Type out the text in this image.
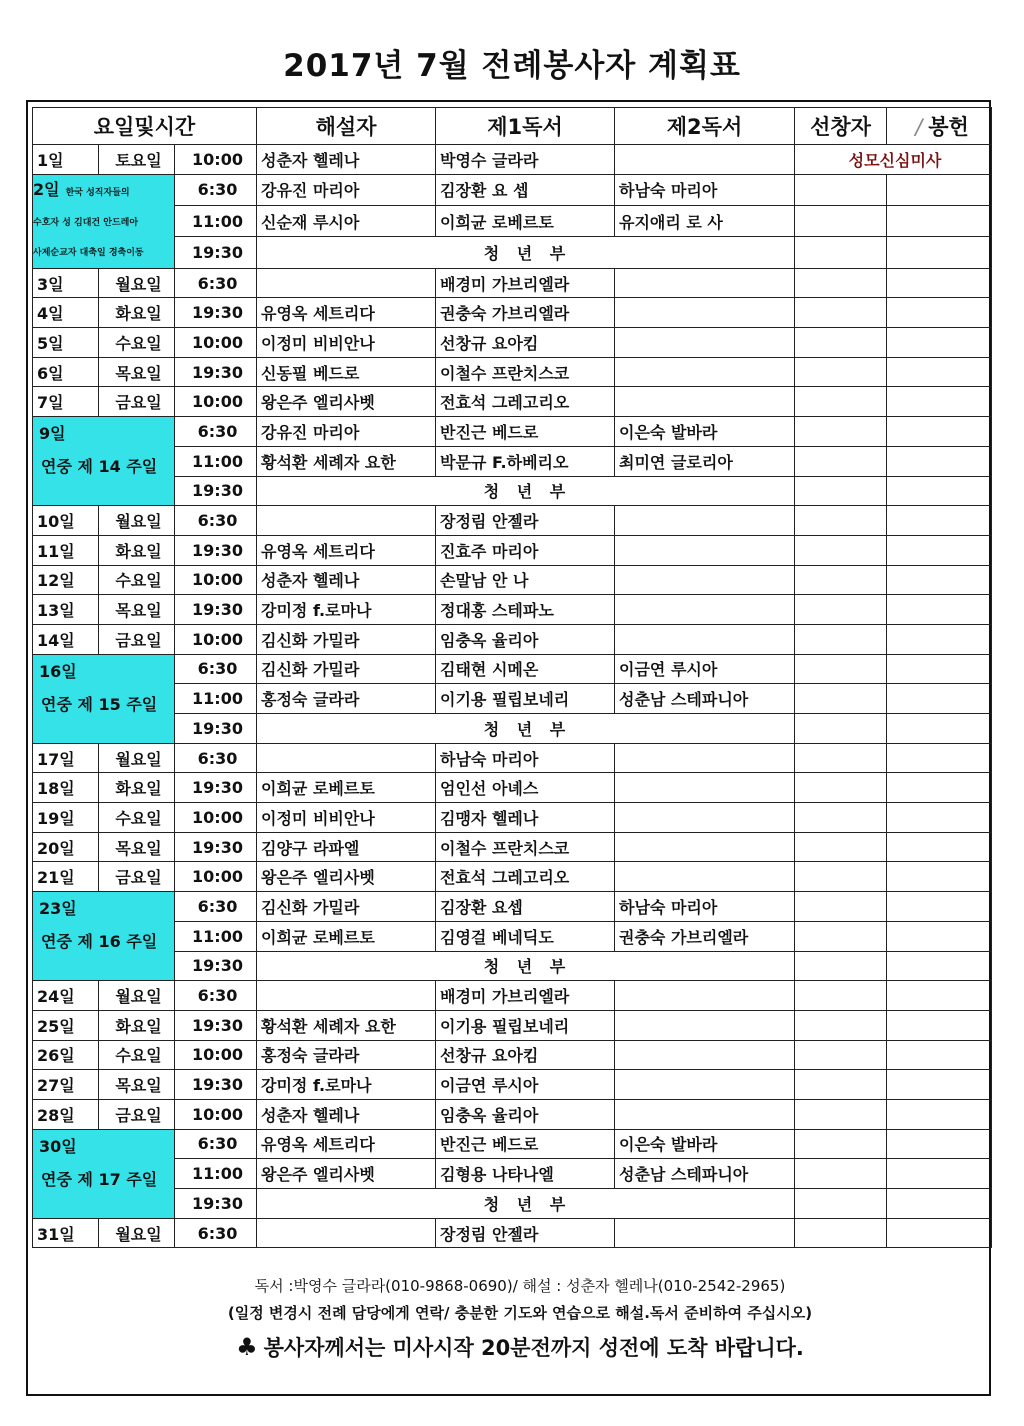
2017년 7월 전례봉사자 계획표
요일및시간			해설자	제1독서	제2독서	선창자	/ 봉헌
1일	토요일	10:00	성춘자 헬레나	박영수 글라라		성모신심미사	

2일 한국 성직자들의
수호자 성 김대건 안드레아
사제순교자 대축일 경축이동		6:30	강유진 마리아	김장환 요 셉	하남숙 마리아		
		11:00	신순재 루시아	이희균 로베르토	유지애리 로 사		
		19:30	청 년 부				
3일	월요일	6:30		배경미 가브리엘라			
4일	화요일	19:30	유영옥 세트리다	권충숙 가브리엘라			
5일	수요일	10:00	이정미 비비안나	선창규 요아킴			
6일	목요일	19:30	신동필 베드로	이철수 프란치스코			
7일	금요일	10:00	왕은주 엘리사벳	전효석 그레고리오			

9일
연중 제 14 주일		6:30	강유진 마리아	반진근 베드로	이은숙 발바라		
		11:00	황석환 세례자 요한	박문규 F.하베리오	최미연 글로리아		
		19:30	청 년 부				
10일	월요일	6:30		장정림 안젤라			
11일	화요일	19:30	유영옥 세트리다	진효주 마리아			
12일	수요일	10:00	성춘자 헬레나	손말남 안 나			
13일	목요일	19:30	강미정 f.로마나	정대홍 스테파노			
14일	금요일	10:00	김신화 가밀라	임충옥 율리아			

16일
연중 제 15 주일		6:30	김신화 가밀라	김태현 시메온	이금연 루시아		
		11:00	홍정숙 글라라	이기용 필립보네리	성춘남 스테파니아		
		19:30	청 년 부				
17일	월요일	6:30		하남숙 마리아			
18일	화요일	19:30	이희균 로베르토	엄인선 아녜스			
19일	수요일	10:00	이정미 비비안나	김맹자 헬레나			
20일	목요일	19:30	김양구 라파엘	이철수 프란치스코			
21일	금요일	10:00	왕은주 엘리사벳	전효석 그레고리오			

23일
연중 제 16 주일		6:30	김신화 가밀라	김장환 요셉	하남숙 마리아		
		11:00	이희균 로베르토	김영걸 베네딕도	권충숙 가브리엘라		
		19:30	청 년 부				
24일	월요일	6:30		배경미 가브리엘라			
25일	화요일	19:30	황석환 세례자 요한	이기용 필립보네리			
26일	수요일	10:00	홍정숙 글라라	선창규 요아킴			
27일	목요일	19:30	강미정 f.로마나	이금연 루시아			
28일	금요일	10:00	성춘자 헬레나	임충옥 율리아			

30일
연중 제 17 주일		6:30	유영옥 세트리다	반진근 베드로	이은숙 발바라		
		11:00	왕은주 엘리사벳	김형용 나타나엘	성춘남 스테파니아		
		19:30	청 년 부				
31일	월요일	6:30		장정림 안젤라			
독서 :박영수 글라라(010-9868-0690)/ 해설 : 성춘자 헬레나(010-2542-2965)
(일정 변경시 전례 담당에게 연락/ 충분한 기도와 연습으로 해설.독서 준비하여 주십시오)
♣ 봉사자께서는 미사시작 20분전까지 성전에 도착 바랍니다.
